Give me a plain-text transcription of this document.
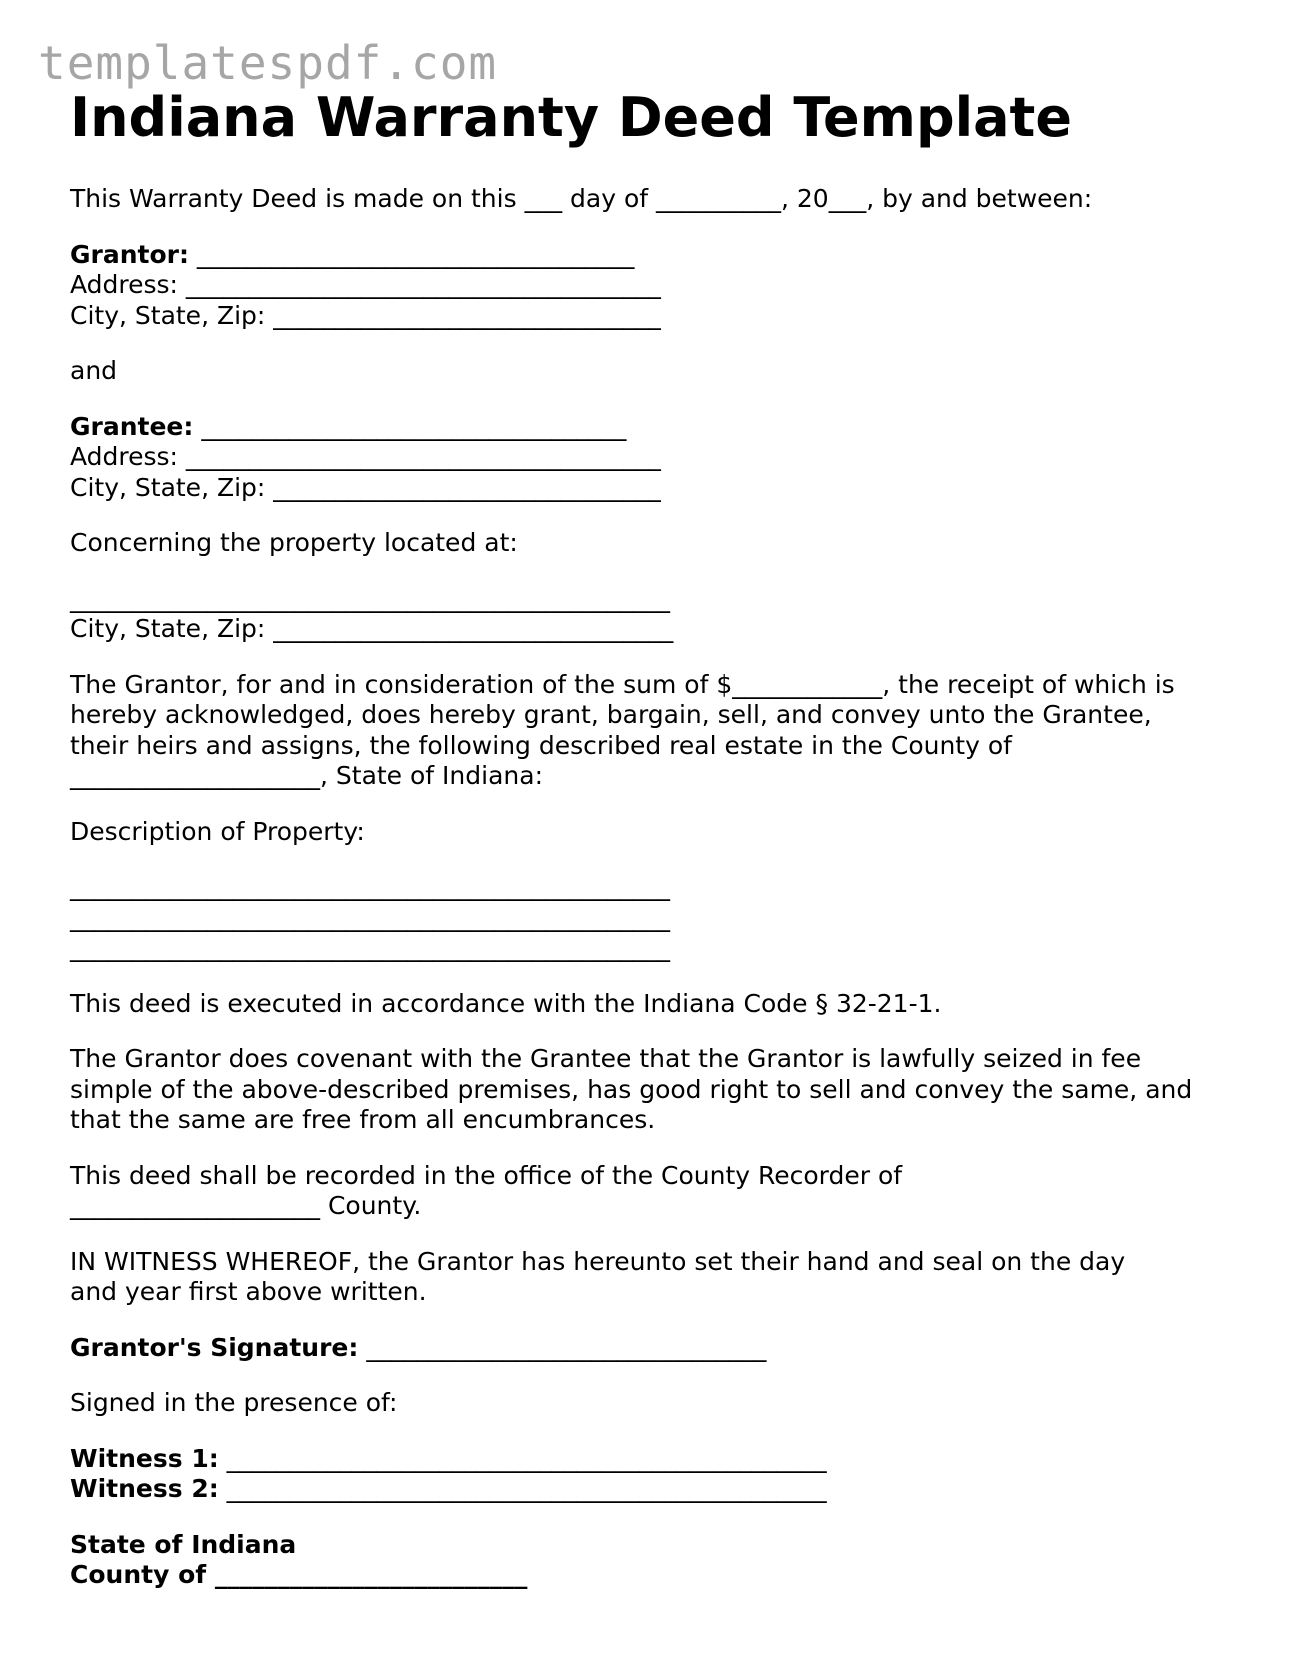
templatespdf.com
Indiana Warranty Deed Template

This Warranty Deed is made on this ___ day of __________, 20___, by and between:

Grantor: ___________________________________
Address: ______________________________________
City, State, Zip: _______________________________

and

Grantee: __________________________________
Address: ______________________________________
City, State, Zip: _______________________________

Concerning the property located at:

________________________________________________
City, State, Zip: ________________________________

The Grantor, for and in consideration of the sum of $____________, the receipt of which is hereby acknowledged, does hereby grant, bargain, sell, and convey unto the Grantee, their heirs and assigns, the following described real estate in the County of ____________________, State of Indiana:

Description of Property:

________________________________________________
________________________________________________
________________________________________________

This deed is executed in accordance with the Indiana Code § 32-21-1.

The Grantor does covenant with the Grantee that the Grantor is lawfully seized in fee simple of the above-described premises, has good right to sell and convey the same, and that the same are free from all encumbrances.

This deed shall be recorded in the office of the County Recorder of ____________________ County.

IN WITNESS WHEREOF, the Grantor has hereunto set their hand and seal on the day and year first above written.

Grantor's Signature: ________________________________

Signed in the presence of:

Witness 1: ________________________________________________
Witness 2: ________________________________________________

State of Indiana
County of _________________________
